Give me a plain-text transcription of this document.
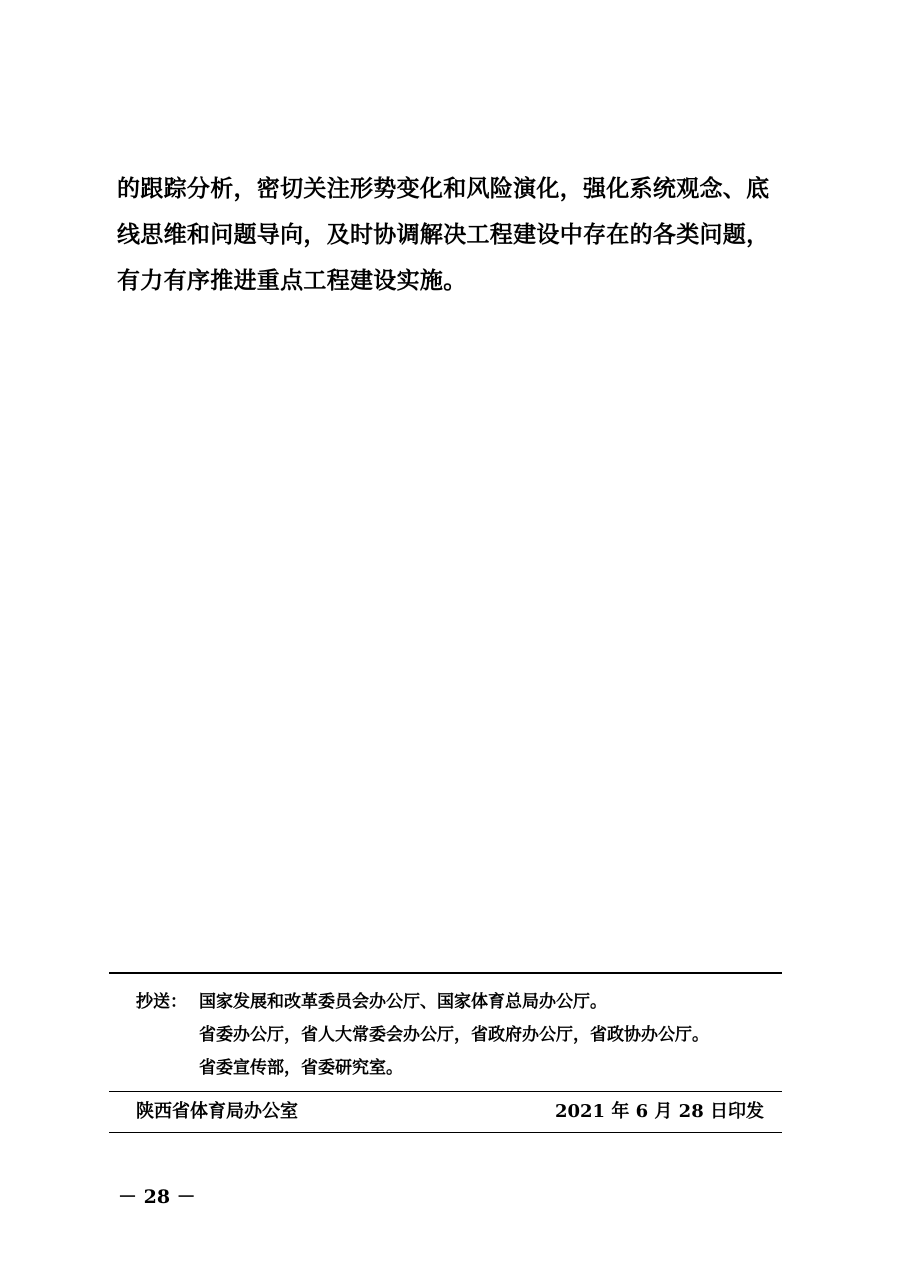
的跟踪分析，密切关注形势变化和风险演化，强化系统观念、底
线思维和问题导向，及时协调解决工程建设中存在的各类问题，
有力有序推进重点工程建设实施。
抄送： 国家发展和改革委员会办公厅、国家体育总局办公厅。
省委办公厅，省人大常委会办公厅，省政府办公厅，省政协办公厅。
省委宣传部，省委研究室。
陕西省体育局办公室	2021 年 6 月 28 日印发
－ 28 －
